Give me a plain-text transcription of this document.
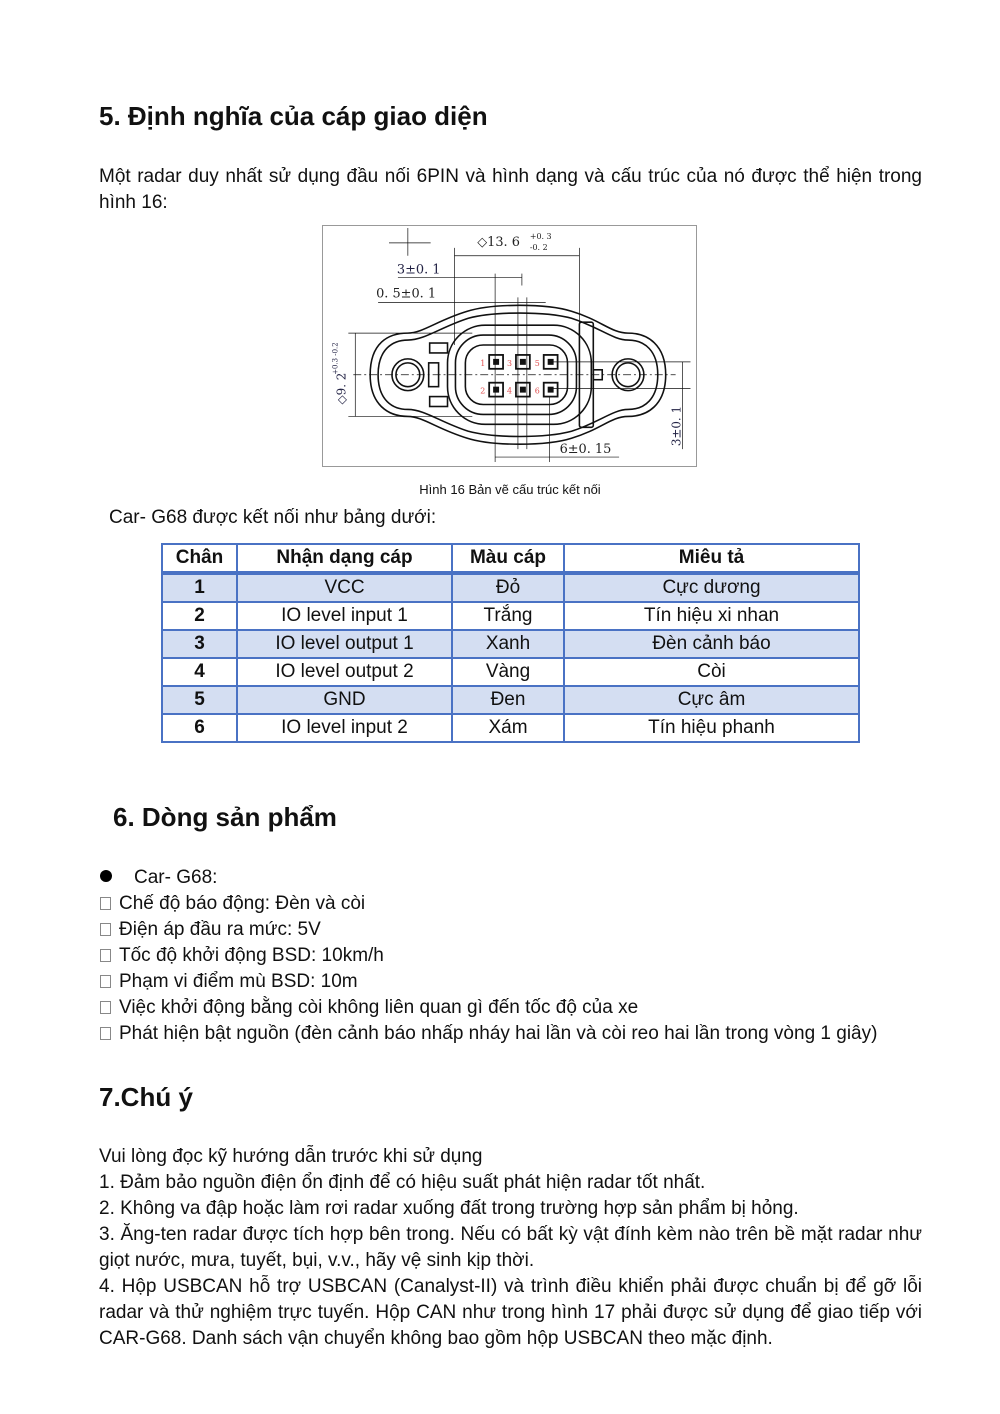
5. Định nghĩa của cáp giao diện
Một radar duy nhất sử dụng đầu nối 6PIN và hình dạng và cấu trúc của nó được thể hiện trong hình 16:
◇13. 6 +0. 3
-0. 2
3±0. 1
0. 5±0. 1
6±0. 15
◇9. 2
+0.3 -0.2
3±0. 1
1	3	5
2	4	6
Hình 16 Bản vẽ cấu trúc kết nối
Car- G68 được kết nối như bảng dưới:
Chân	Nhận dạng cáp	Màu cáp	Miêu tả
1	VCC	Đỏ	Cực dương
2	IO level input 1	Trắng	Tín hiệu xi nhan
3	IO level output 1	Xanh	Đèn cảnh báo
4	IO level output 2	Vàng	Còi
5	GND	Đen	Cực âm
6	IO level input 2	Xám	Tín hiệu phanh
6. Dòng sản phẩm
Car- G68:
Chế độ báo động: Đèn và còi
Điện áp đầu ra mức: 5V
Tốc độ khởi động BSD: 10km/h
Phạm vi điểm mù BSD: 10m
Việc khởi động bằng còi không liên quan gì đến tốc độ của xe
Phát hiện bật nguồn (đèn cảnh báo nhấp nháy hai lần và còi reo hai lần trong vòng 1 giây)
7.Chú ý
Vui lòng đọc kỹ hướng dẫn trước khi sử dụng
1. Đảm bảo nguồn điện ổn định để có hiệu suất phát hiện radar tốt nhất.
2. Không va đập hoặc làm rơi radar xuống đất trong trường hợp sản phẩm bị hỏng.
3. Ăng-ten radar được tích hợp bên trong. Nếu có bất kỳ vật đính kèm nào trên bề mặt radar như giọt nước, mưa, tuyết, bụi, v.v., hãy vệ sinh kịp thời.
4. Hộp USBCAN hỗ trợ USBCAN (Canalyst-II) và trình điều khiển phải được chuẩn bị để gỡ lỗi radar và thử nghiệm trực tuyến. Hộp CAN như trong hình 17 phải được sử dụng để giao tiếp với CAR-G68. Danh sách vận chuyển không bao gồm hộp USBCAN theo mặc định.
